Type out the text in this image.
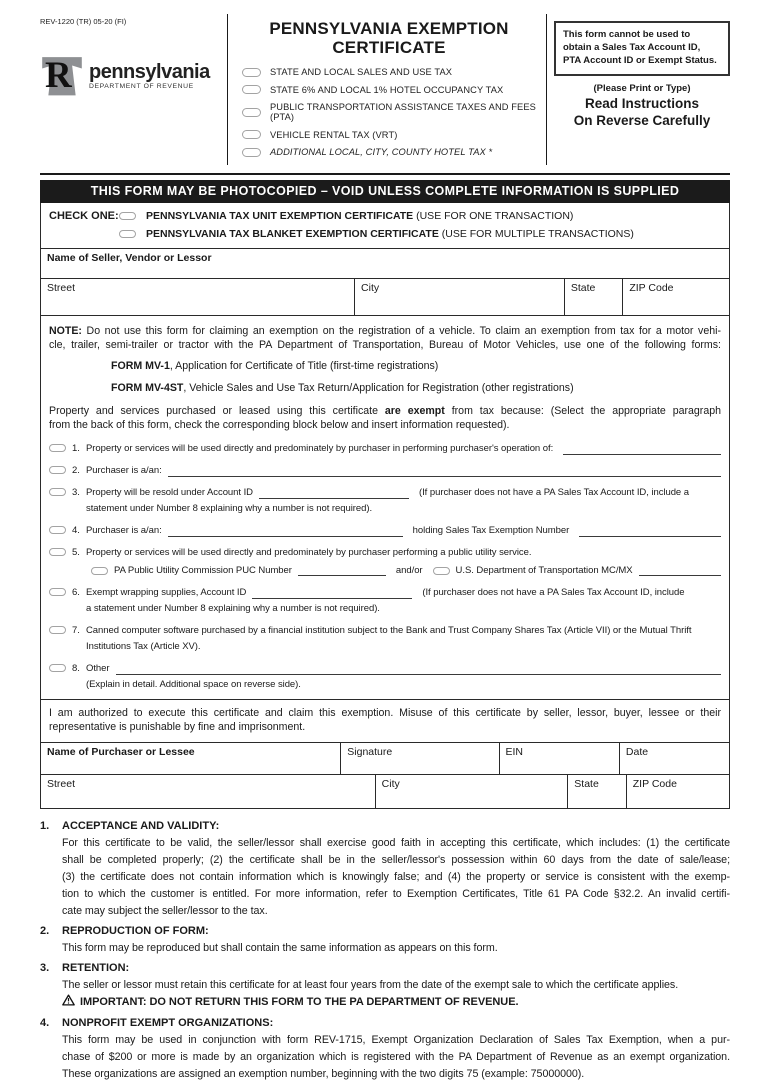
REV-1220 (TR) 05-20 (FI)
R pennsylvania
DEPARTMENT OF REVENUE
PENNSYLVANIA EXEMPTION
CERTIFICATE
STATE AND LOCAL SALES AND USE TAX
STATE 6% AND LOCAL 1% HOTEL OCCUPANCY TAX
PUBLIC TRANSPORTATION ASSISTANCE TAXES AND FEES (PTA)
VEHICLE RENTAL TAX (VRT)
ADDITIONAL LOCAL, CITY, COUNTY HOTEL TAX *
This form cannot be used to obtain a Sales Tax Account ID, PTA Account ID or Exempt Status.
(Please Print or Type)
Read Instructions
On Reverse Carefully
THIS FORM MAY BE PHOTOCOPIED – VOID UNLESS COMPLETE INFORMATION IS SUPPLIED
CHECK ONE:	PENNSYLVANIA TAX UNIT EXEMPTION CERTIFICATE (USE FOR ONE TRANSACTION)
PENNSYLVANIA TAX BLANKET EXEMPTION CERTIFICATE (USE FOR MULTIPLE TRANSACTIONS)
Name of Seller, Vendor or Lessor
Street	City	State	ZIP Code
NOTE: Do not use this form for claiming an exemption on the registration of a vehicle. To claim an exemption from tax for a motor vehi-
cle, trailer, semi-trailer or tractor with the PA Department of Transportation, Bureau of Motor Vehicles, use one of the following forms:
FORM MV-1, Application for Certificate of Title (first-time registrations)
FORM MV-4ST, Vehicle Sales and Use Tax Return/Application for Registration (other registrations)
Property and services purchased or leased using this certificate are exempt from tax because: (Select the appropriate paragraph
from the back of this form, check the corresponding block below and insert information requested).
1. Property or services will be used directly and predominately by purchaser in performing purchaser's operation of:
2. Purchaser is a/an:
3. Property will be resold under Account ID	(If purchaser does not have a PA Sales Tax Account ID, include a
statement under Number 8 explaining why a number is not required).
4. Purchaser is a/an:	holding Sales Tax Exemption Number
5. Property or services will be used directly and predominately by purchaser performing a public utility service.
PA Public Utility Commission PUC Number	and/or	U.S. Department of Transportation MC/MX
6. Exempt wrapping supplies, Account ID	(If purchaser does not have a PA Sales Tax Account ID, include
a statement under Number 8 explaining why a number is not required).
7. Canned computer software purchased by a financial institution subject to the Bank and Trust Company Shares Tax (Article VII) or the Mutual Thrift
Institutions Tax (Article XV).
8. Other
(Explain in detail. Additional space on reverse side).
I am authorized to execute this certificate and claim this exemption. Misuse of this certificate by seller, lessor, buyer, lessee or their
representative is punishable by fine and imprisonment.
Name of Purchaser or Lessee	Signature	EIN	Date
Street	City	State	ZIP Code
1.	ACCEPTANCE AND VALIDITY:
For this certificate to be valid, the seller/lessor shall exercise good faith in accepting this certificate, which includes: (1) the certificate
shall be completed properly; (2) the certificate shall be in the seller/lessor's possession within 60 days from the date of sale/lease;
(3) the certificate does not contain information which is knowingly false; and (4) the property or service is consistent with the exemp-
tion to which the customer is entitled. For more information, refer to Exemption Certificates, Title 61 PA Code §32.2. An invalid certifi-
cate may subject the seller/lessor to the tax.
2.	REPRODUCTION OF FORM:
This form may be reproduced but shall contain the same information as appears on this form.
3.	RETENTION:
The seller or lessor must retain this certificate for at least four years from the date of the exempt sale to which the certificate applies.
IMPORTANT: DO NOT RETURN THIS FORM TO THE PA DEPARTMENT OF REVENUE.
4.	NONPROFIT EXEMPT ORGANIZATIONS:
This form may be used in conjunction with form REV-1715, Exempt Organization Declaration of Sales Tax Exemption, when a pur-
chase of $200 or more is made by an organization which is registered with the PA Department of Revenue as an exempt organization.
These organizations are assigned an exemption number, beginning with the two digits 75 (example: 75000000).
